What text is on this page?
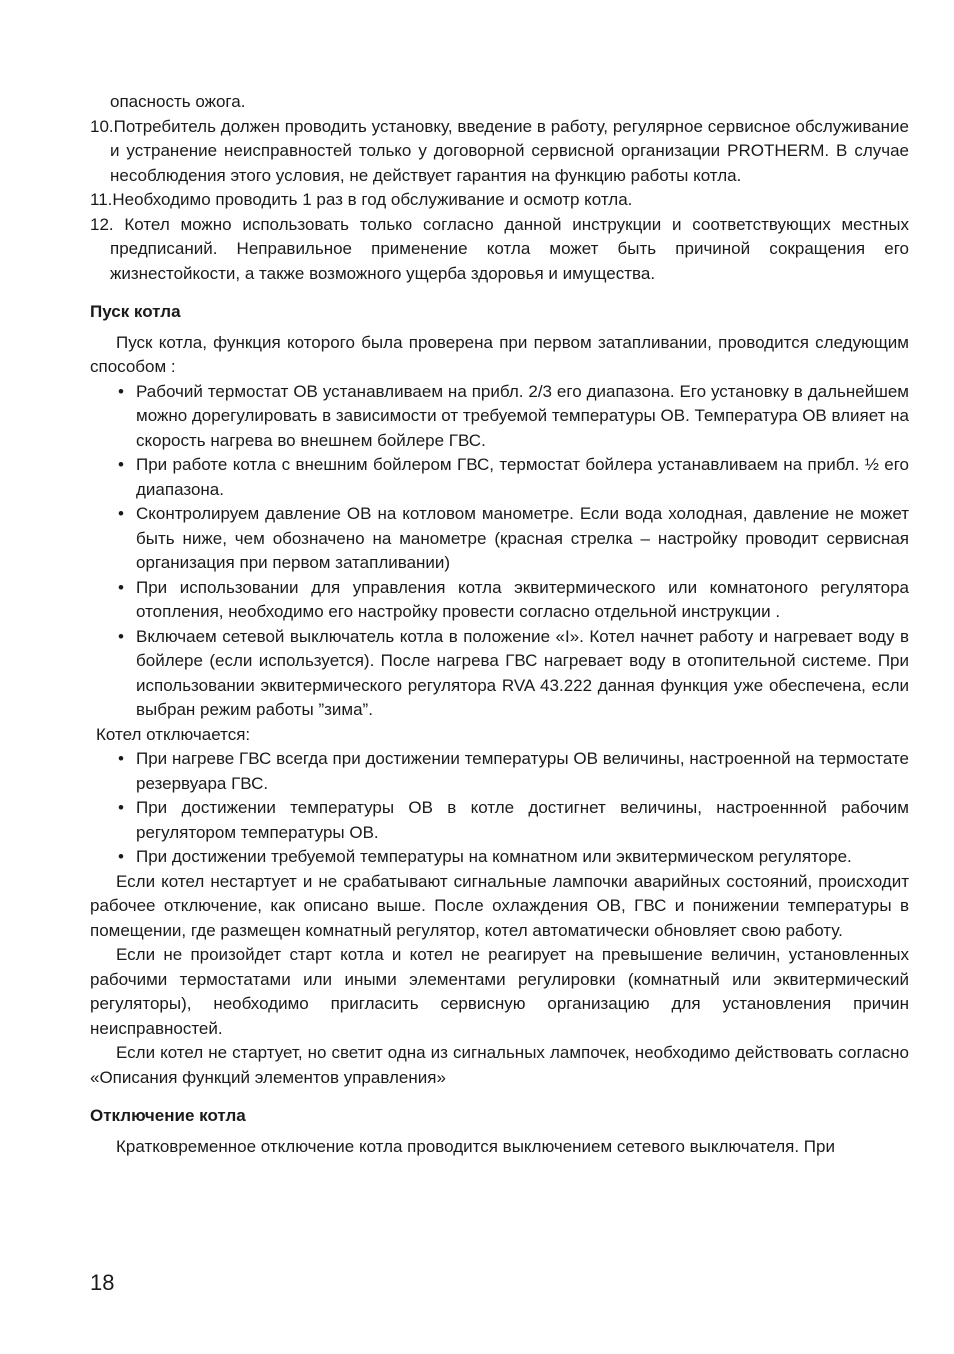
опасность ожога.

10.Потребитель должен проводить установку, введение в работу, регулярное сервисное обслуживание и устранение неисправностей только у договорной сервисной организации PROTHERM. В случае несоблюдения этого условия, не действует гарантия на функцию работы котла.

11.Необходимо проводить 1 раз в год обслуживание и осмотр котла.

12. Котел можно использовать только согласно данной инструкции и соответствующих местных предписаний. Неправильное применение котла может быть причиной сокращения его жизнестойкости, а также возможного ущерба здоровья и имущества.

Пуск котла

Пуск котла, функция которого была проверена при первом затапливании, проводится следующим способом :

• Рабочий термостат ОВ устанавливаем на прибл. 2/3 его диапазона. Его установку в дальнейшем можно дорегулировать в зависимости от требуемой температуры ОВ. Температура ОВ влияет на скорость нагрева во внешнем бойлере ГВС.
• При работе котла с внешним бойлером ГВС, термостат бойлера устанавливаем на прибл. ½ его диапазона.
• Сконтролируем давление ОВ на котловом манометре. Если вода холодная, давление не может быть ниже, чем обозначено на манометре (красная стрелка – настройку проводит сервисная организация при первом затапливании)
• При использовании для управления котла эквитермического или комнатоного регулятора отопления, необходимо его настройку провести согласно отдельной инструкции .
• Включаем сетевой выключатель котла в положение «I». Котел начнет работу и нагревает воду в бойлере (если используется). После нагрева ГВС нагревает воду в отопительной системе. При использовании эквитермического регулятора RVA 43.222 данная функция уже обеспечена, если выбран режим работы ”зима”.

Котел отключается:

• При нагреве ГВС всегда при достижении температуры ОВ величины, настроенной на термостате резервуара ГВС.
• При достижении температуры ОВ в котле достигнет величины, настроеннной рабочим регулятором температуры ОВ.
• При достижении требуемой температуры на комнатном или эквитермическом регуляторе.

Если котел нестартует и не срабатывают сигнальные лампочки аварийных состояний, происходит рабочее отключение, как описано выше. После охлаждения ОВ, ГВС и понижении температуры в помещении, где размещен комнатный регулятор, котел автоматически обновляет свою работу.

Если не произойдет старт котла и котел не реагирует на превышение величин, установленных рабочими термостатами или иными элементами регулировки (комнатный или эквитермический регуляторы), необходимо пригласить сервисную организацию для установления причин неисправностей.

Если котел не стартует, но светит одна из сигнальных лампочек, необходимо действовать согласно «Описания функций элементов управления»

Отключение котла

Кратковременное отключение котла проводится выключением сетевого выключателя. При

18
